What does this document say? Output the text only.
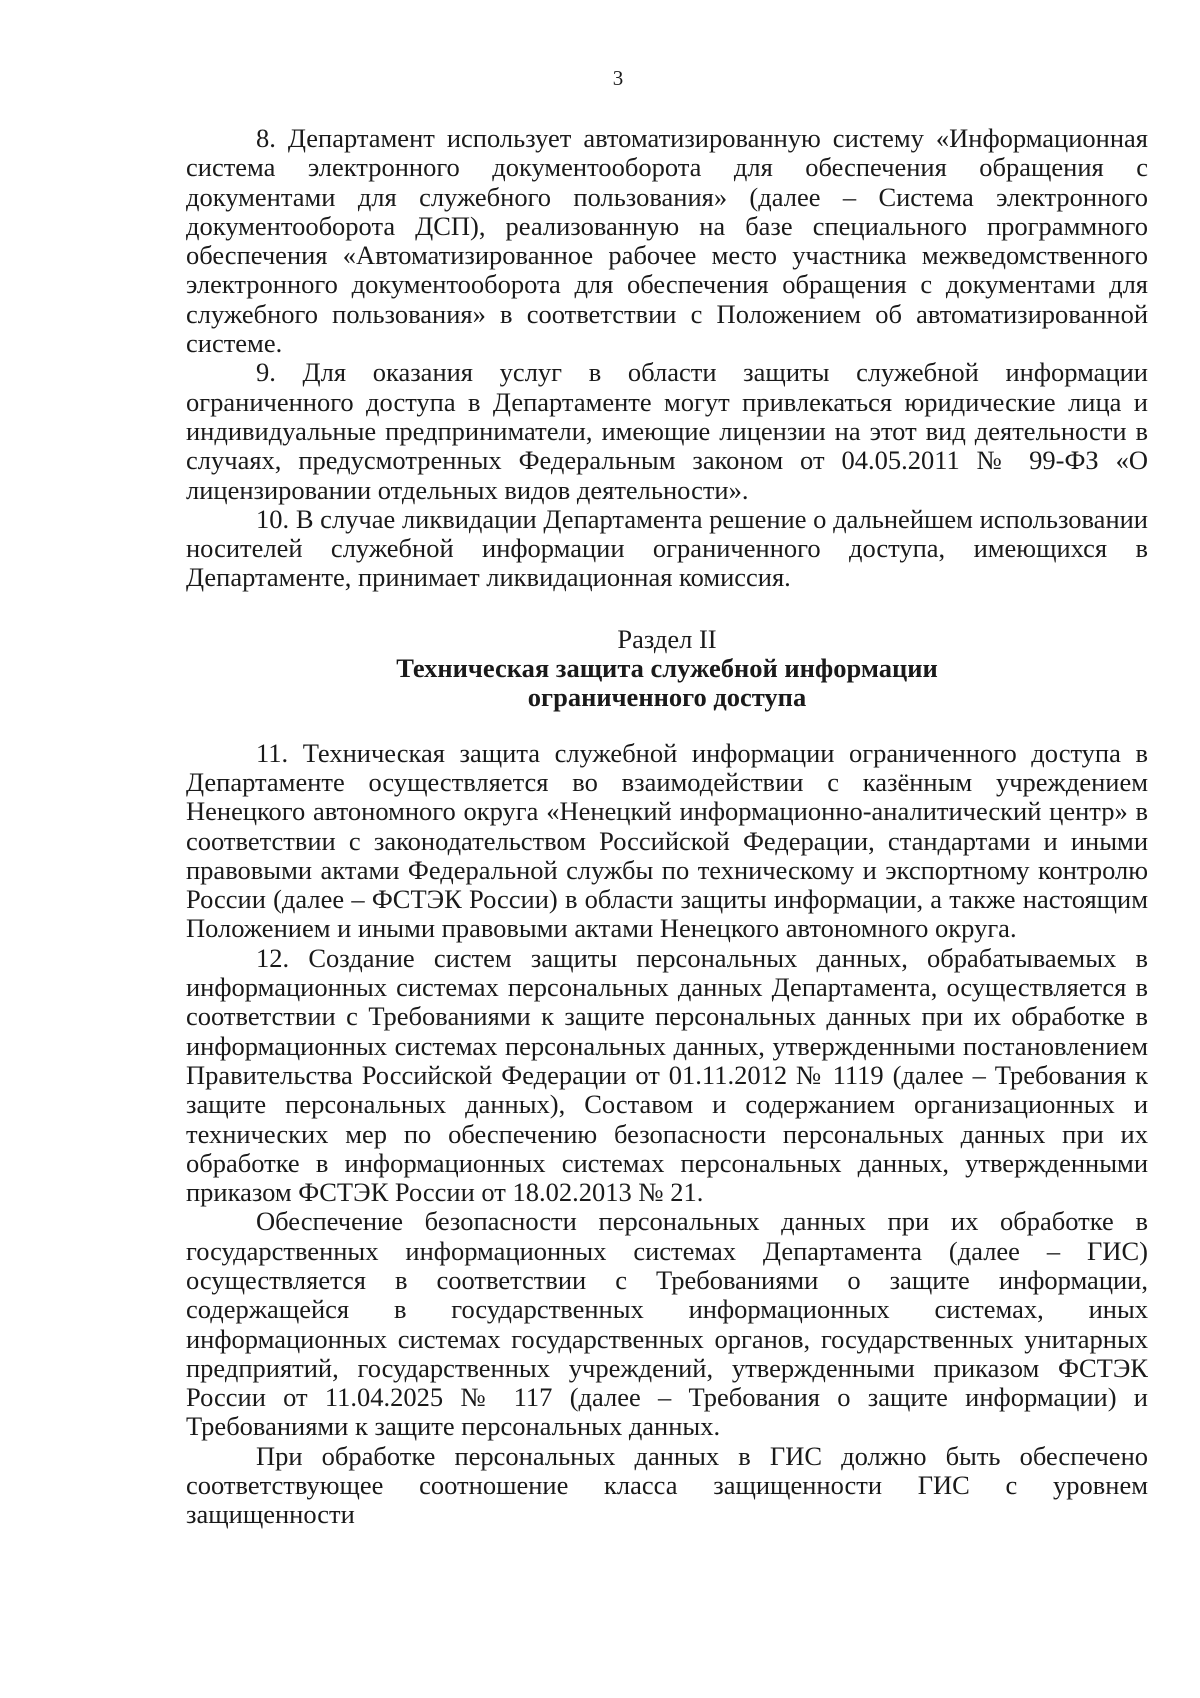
3

8. Департамент использует автоматизированную систему «Информационная система электронного документооборота для обеспечения обращения с документами для служебного пользования» (далее – Система электронного документооборота ДСП), реализованную на базе специального программного обеспечения «Автоматизированное рабочее место участника межведомственного электронного документооборота для обеспечения обращения с документами для служебного пользования» в соответствии с Положением об автоматизированной системе.

9. Для оказания услуг в области защиты служебной информации ограниченного доступа в Департаменте могут привлекаться юридические лица и индивидуальные предприниматели, имеющие лицензии на этот вид деятельности в случаях, предусмотренных Федеральным законом от 04.05.2011 № 99-ФЗ «О лицензировании отдельных видов деятельности».

10. В случае ликвидации Департамента решение о дальнейшем использовании носителей служебной информации ограниченного доступа, имеющихся в Департаменте, принимает ликвидационная комиссия.

Раздел II
Техническая защита служебной информации ограниченного доступа

11. Техническая защита служебной информации ограниченного доступа в Департаменте осуществляется во взаимодействии с казённым учреждением Ненецкого автономного округа «Ненецкий информационно-аналитический центр» в соответствии с законодательством Российской Федерации, стандартами и иными правовыми актами Федеральной службы по техническому и экспортному контролю России (далее – ФСТЭК России) в области защиты информации, а также настоящим Положением и иными правовыми актами Ненецкого автономного округа.

12. Создание систем защиты персональных данных, обрабатываемых в информационных системах персональных данных Департамента, осуществляется в соответствии с Требованиями к защите персональных данных при их обработке в информационных системах персональных данных, утвержденными постановлением Правительства Российской Федерации от 01.11.2012 № 1119 (далее – Требования к защите персональных данных), Составом и содержанием организационных и технических мер по обеспечению безопасности персональных данных при их обработке в информационных системах персональных данных, утвержденными приказом ФСТЭК России от 18.02.2013 № 21.

Обеспечение безопасности персональных данных при их обработке в государственных информационных системах Департамента (далее – ГИС) осуществляется в соответствии с Требованиями о защите информации, содержащейся в государственных информационных системах, иных информационных системах государственных органов, государственных унитарных предприятий, государственных учреждений, утвержденными приказом ФСТЭК России от 11.04.2025 № 117 (далее – Требования о защите информации) и Требованиями к защите персональных данных.

При обработке персональных данных в ГИС должно быть обеспечено соответствующее соотношение класса защищенности ГИС с уровнем защищенности
